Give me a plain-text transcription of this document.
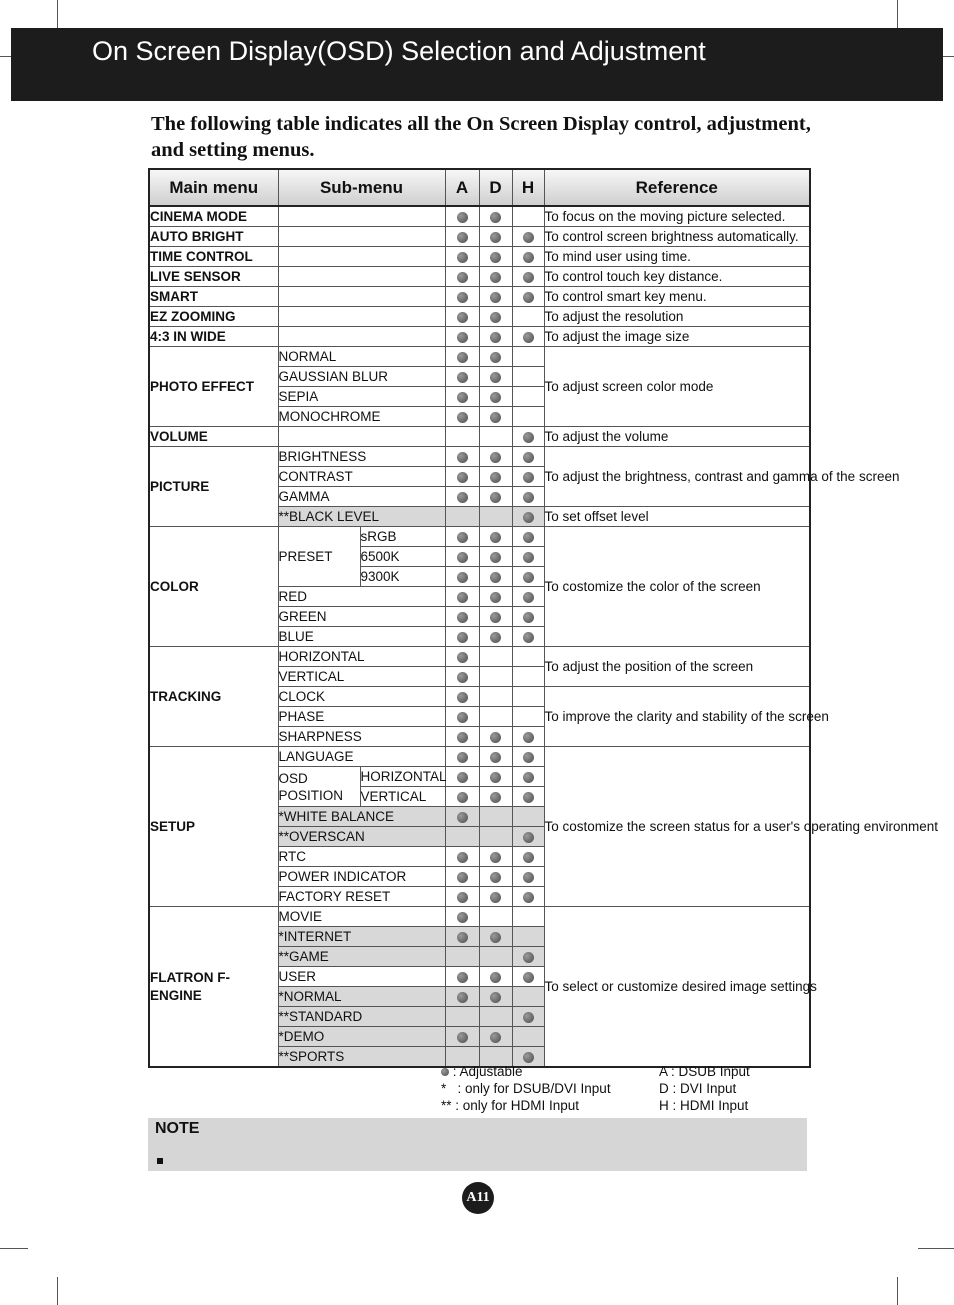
On Screen Display(OSD) Selection and Adjustment
The following table indicates all the On Screen Display control, adjustment, and setting menus.
Main menu	Sub-menu		A	D	H	Reference
CINEMA MODE						To focus on the moving picture selected.
AUTO BRIGHT						To control screen brightness automatically.
TIME CONTROL						To mind user using time.
LIVE SENSOR						To control touch key distance.
SMART						To control smart key menu.
EZ ZOOMING						To adjust the resolution
4:3 IN WIDE						To adjust the image size
PHOTO EFFECT	NORMAL					To adjust screen color mode
	GAUSSIAN BLUR					
	SEPIA					
	MONOCHROME					
VOLUME						To adjust the volume
PICTURE	BRIGHTNESS					To adjust the brightness, contrast and gamma of the screen
	CONTRAST					
	GAMMA					
	**BLACK LEVEL					To set offset level
COLOR	PRESET	sRGB				To costomize the color of the screen
		6500K				
		9300K				
	RED					
	GREEN					
	BLUE					
TRACKING	HORIZONTAL					To adjust the position of the screen
	VERTICAL					
	CLOCK					To improve the clarity and stability of the screen
	PHASE					
	SHARPNESS					
SETUP	LANGUAGE					To costomize the screen status for a user's operating environment
	OSD POSITION	HORIZONTAL				
		VERTICAL				
	*WHITE BALANCE					
	**OVERSCAN					
	RTC					
	POWER INDICATOR					
	FACTORY RESET					
FLATRON F-ENGINE	MOVIE					To select or customize desired image settings
	*INTERNET					
	**GAME					
	USER					
	*NORMAL					
	**STANDARD					
	*DEMO					
	**SPORTS					
: Adjustable
*   : only for DSUB/DVI Input
** : only for HDMI Input
A : DSUB Input
D : DVI Input
H : HDMI Input
NOTE
A11
